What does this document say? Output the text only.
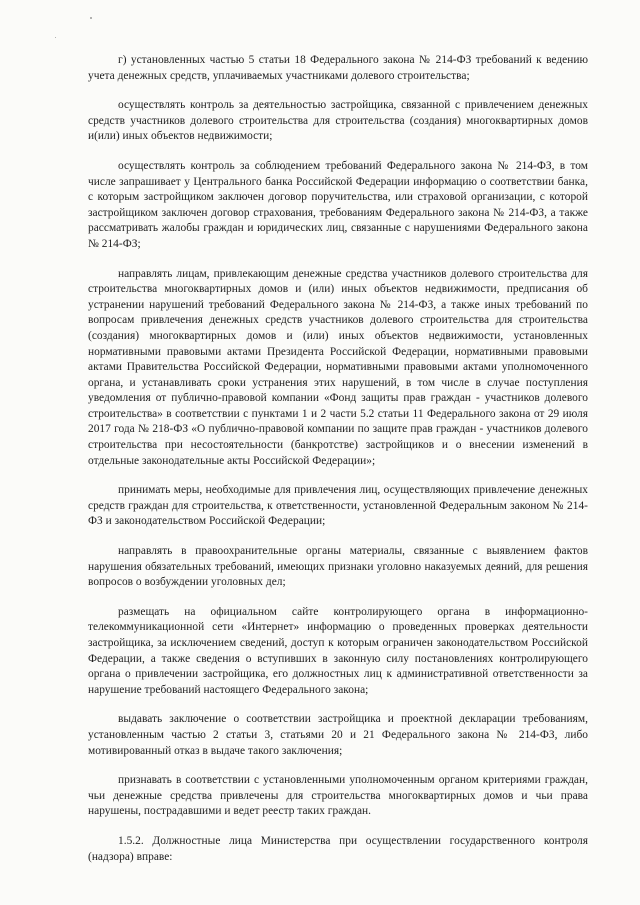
г) установленных частью 5 статьи 18 Федерального закона № 214-ФЗ требований к ведению учета денежных средств, уплачиваемых участниками долевого строительства;

осуществлять контроль за деятельностью застройщика, связанной с привлечением денежных средств участников долевого строительства для строительства (создания) многоквартирных домов и(или) иных объектов недвижимости;

осуществлять контроль за соблюдением требований Федерального закона № 214-ФЗ, в том числе запрашивает у Центрального банка Российской Федерации информацию о соответствии банка, с которым застройщиком заключен договор поручительства, или страховой организации, с которой застройщиком заключен договор страхования, требованиям Федерального закона № 214-ФЗ, а также рассматривать жалобы граждан и юридических лиц, связанные с нарушениями Федерального закона № 214-ФЗ;

направлять лицам, привлекающим денежные средства участников долевого строительства для строительства многоквартирных домов и (или) иных объектов недвижимости, предписания об устранении нарушений требований Федерального закона № 214-ФЗ, а также иных требований по вопросам привлечения денежных средств участников долевого строительства для строительства (создания) многоквартирных домов и (или) иных объектов недвижимости, установленных нормативными правовыми актами Президента Российской Федерации, нормативными правовыми актами Правительства Российской Федерации, нормативными правовыми актами уполномоченного органа, и устанавливать сроки устранения этих нарушений, в том числе в случае поступления уведомления от публично-правовой компании «Фонд защиты прав граждан - участников долевого строительства» в соответствии с пунктами 1 и 2 части 5.2 статьи 11 Федерального закона от 29 июля 2017 года № 218-ФЗ «О публично-правовой компании по защите прав граждан - участников долевого строительства при несостоятельности (банкротстве) застройщиков и о внесении изменений в отдельные законодательные акты Российской Федерации»;

принимать меры, необходимые для привлечения лиц, осуществляющих привлечение денежных средств граждан для строительства, к ответственности, установленной Федеральным законом № 214-ФЗ и законодательством Российской Федерации;

направлять в правоохранительные органы материалы, связанные с выявлением фактов нарушения обязательных требований, имеющих признаки уголовно наказуемых деяний, для решения вопросов о возбуждении уголовных дел;

размещать на официальном сайте контролирующего органа в информационно-телекоммуникационной сети «Интернет» информацию о проведенных проверках деятельности застройщика, за исключением сведений, доступ к которым ограничен законодательством Российской Федерации, а также сведения о вступивших в законную силу постановлениях контролирующего органа о привлечении застройщика, его должностных лиц к административной ответственности за нарушение требований настоящего Федерального закона;

выдавать заключение о соответствии застройщика и проектной декларации требованиям, установленным частью 2 статьи 3, статьями 20 и 21 Федерального закона № 214-ФЗ, либо мотивированный отказ в выдаче такого заключения;

признавать в соответствии с установленными уполномоченным органом критериями граждан, чьи денежные средства привлечены для строительства многоквартирных домов и чьи права нарушены, пострадавшими и ведет реестр таких граждан.

1.5.2. Должностные лица Министерства при осуществлении государственного контроля (надзора) вправе:
